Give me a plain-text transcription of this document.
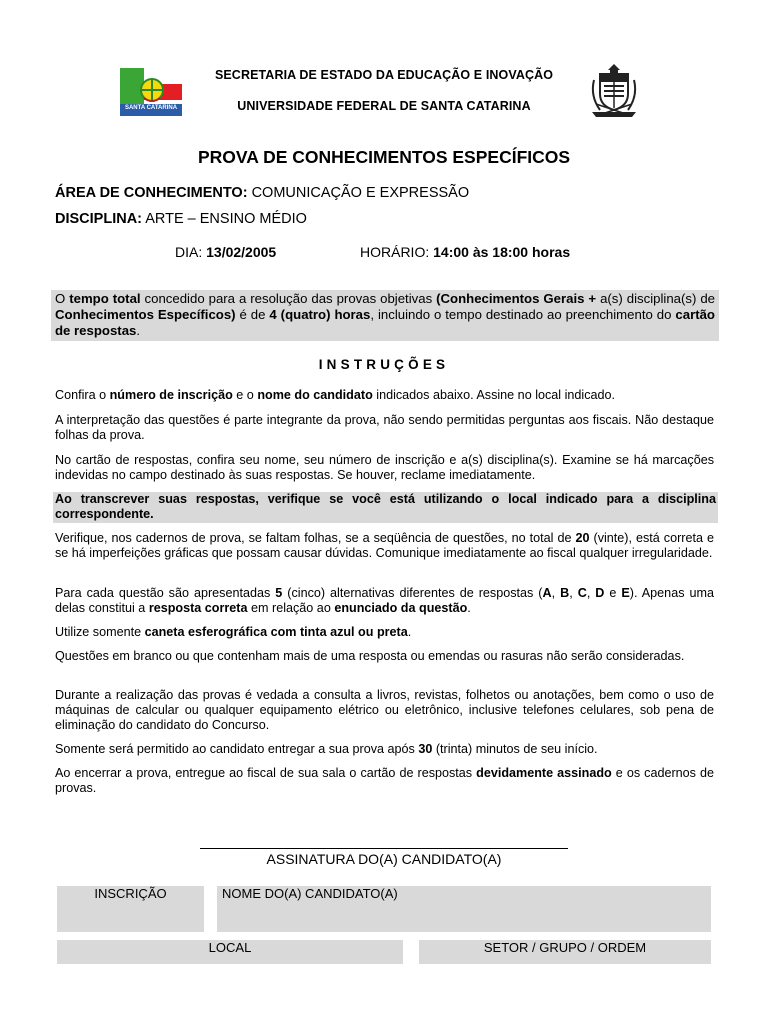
SANTA CATARINA
SECRETARIA DE ESTADO DA EDUCAÇÃO E INOVAÇÃO
UNIVERSIDADE FEDERAL DE SANTA CATARINA
PROVA DE CONHECIMENTOS ESPECÍFICOS
ÁREA DE CONHECIMENTO: COMUNICAÇÃO E EXPRESSÃO
DISCIPLINA: ARTE – ENSINO MÉDIO
DIA: 13/02/2005	HORÁRIO: 14:00 às 18:00 horas
O tempo total concedido para a resolução das provas objetivas (Conhecimentos Gerais + a(s) disciplina(s) de Conhecimentos Específicos) é de 4 (quatro) horas, incluindo o tempo destinado ao preenchimento do cartão de respostas.
INSTRUÇÕES
Confira o número de inscrição e o nome do candidato indicados abaixo. Assine no local indicado.
A interpretação das questões é parte integrante da prova, não sendo permitidas perguntas aos fiscais. Não destaque folhas da prova.
No cartão de respostas, confira seu nome, seu número de inscrição e a(s) disciplina(s). Examine se há marcações indevidas no campo destinado às suas respostas. Se houver, reclame imediatamente.
Ao transcrever suas respostas, verifique se você está utilizando o local indicado para a disciplina correspondente.
Verifique, nos cadernos de prova, se faltam folhas, se a seqüência de questões, no total de 20 (vinte), está correta e se há imperfeições gráficas que possam causar dúvidas. Comunique imediatamente ao fiscal qualquer irregularidade.
Para cada questão são apresentadas 5 (cinco) alternativas diferentes de respostas (A, B, C, D e E). Apenas uma delas constitui a resposta correta em relação ao enunciado da questão.
Utilize somente caneta esferográfica com tinta azul ou preta.
Questões em branco ou que contenham mais de uma resposta ou emendas ou rasuras não serão consideradas.
Durante a realização das provas é vedada a consulta a livros, revistas, folhetos ou anotações, bem como o uso de máquinas de calcular ou qualquer equipamento elétrico ou eletrônico, inclusive telefones celulares, sob pena de eliminação do candidato do Concurso.
Somente será permitido ao candidato entregar a sua prova após 30 (trinta) minutos de seu início.
Ao encerrar a prova, entregue ao fiscal de sua sala o cartão de respostas devidamente assinado e os cadernos de provas.
ASSINATURA DO(A) CANDIDATO(A)
INSCRIÇÃO	NOME DO(A) CANDIDATO(A)
LOCAL	SETOR / GRUPO / ORDEM
